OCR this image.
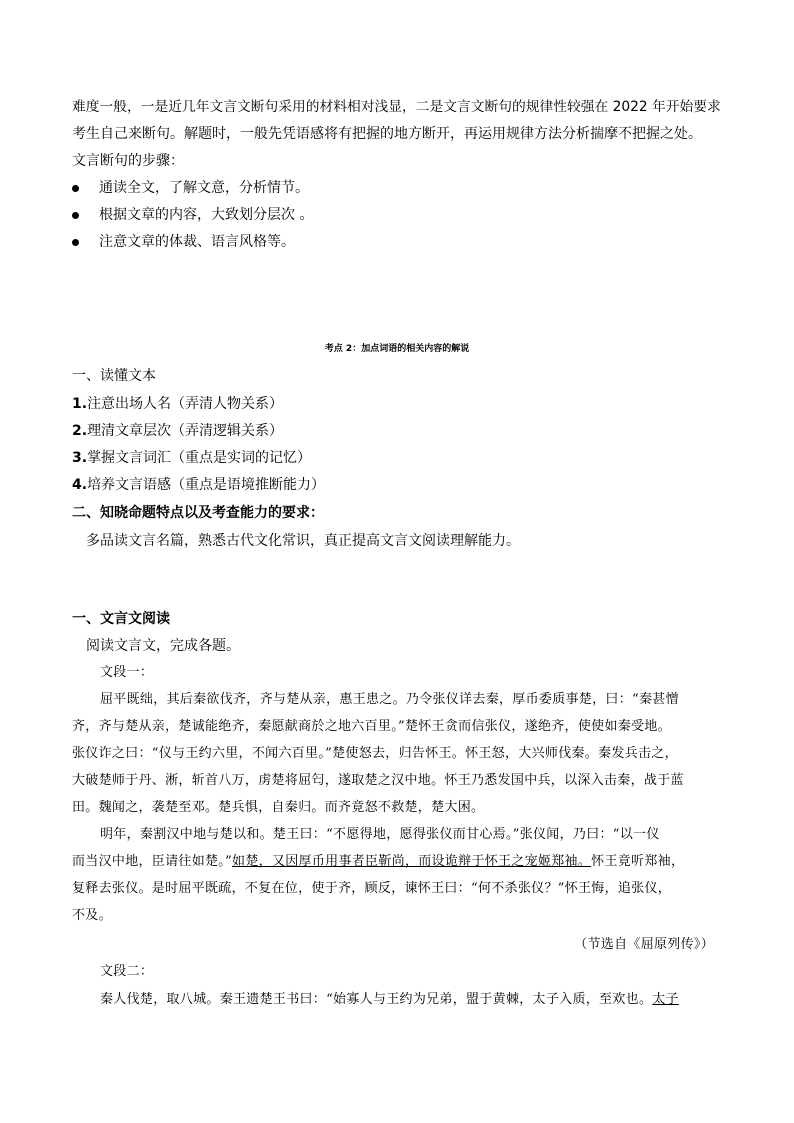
难度一般，一是近几年文言文断句采用的材料相对浅显，二是文言文断句的规律性较强在 2022 年开始要求
考生自己来断句。解题时，一般先凭语感将有把握的地方断开，再运用规律方法分析揣摩不把握之处。
文言断句的步骤：
通读全文，了解文意，分析情节。
根据文章的内容，大致划分层次 。
注意文章的体裁、语言风格等。
考点 2：加点词语的相关内容的解说
一、读懂文本
1.注意出场人名（弄清人物关系）
2.理清文章层次（弄清逻辑关系）
3.掌握文言词汇（重点是实词的记忆）
4.培养文言语感（重点是语境推断能力）
二、知晓命题特点以及考查能力的要求：
多品读文言名篇，熟悉古代文化常识，真正提高文言文阅读理解能力。
一、文言文阅读
阅读文言文，完成各题。
文段一：
屈平既绌，其后秦欲伐齐，齐与楚从亲，惠王患之。乃令张仪详去秦，厚币委质事楚，曰：“秦甚憎
齐，齐与楚从亲，楚诚能绝齐，秦愿献商於之地六百里。”楚怀王贪而信张仪，遂绝齐，使使如秦受地。
张仪诈之曰：“仪与王约六里，不闻六百里。”楚使怒去，归告怀王。怀王怒，大兴师伐秦。秦发兵击之，
大破楚师于丹、淅，斩首八万，虏楚将屈匄，遂取楚之汉中地。怀王乃悉发国中兵，以深入击秦，战于蓝
田。魏闻之，袭楚至邓。楚兵惧，自秦归。而齐竟怒不救楚，楚大困。
明年，秦割汉中地与楚以和。楚王曰：“不愿得地，愿得张仪而甘心焉。”张仪闻，乃曰：“以一仪
而当汉中地，臣请往如楚。”如楚，又因厚币用事者臣靳尚，而设诡辩于怀王之宠姬郑袖。怀王竟听郑袖，
复释去张仪。是时屈平既疏，不复在位，使于齐，顾反，谏怀王曰：“何不杀张仪？”怀王悔，追张仪，
不及。
（节选自《屈原列传》）
文段二：
秦人伐楚，取八城。秦王遗楚王书曰：“始寡人与王约为兄弟，盟于黄棘，太子入质，至欢也。太子
